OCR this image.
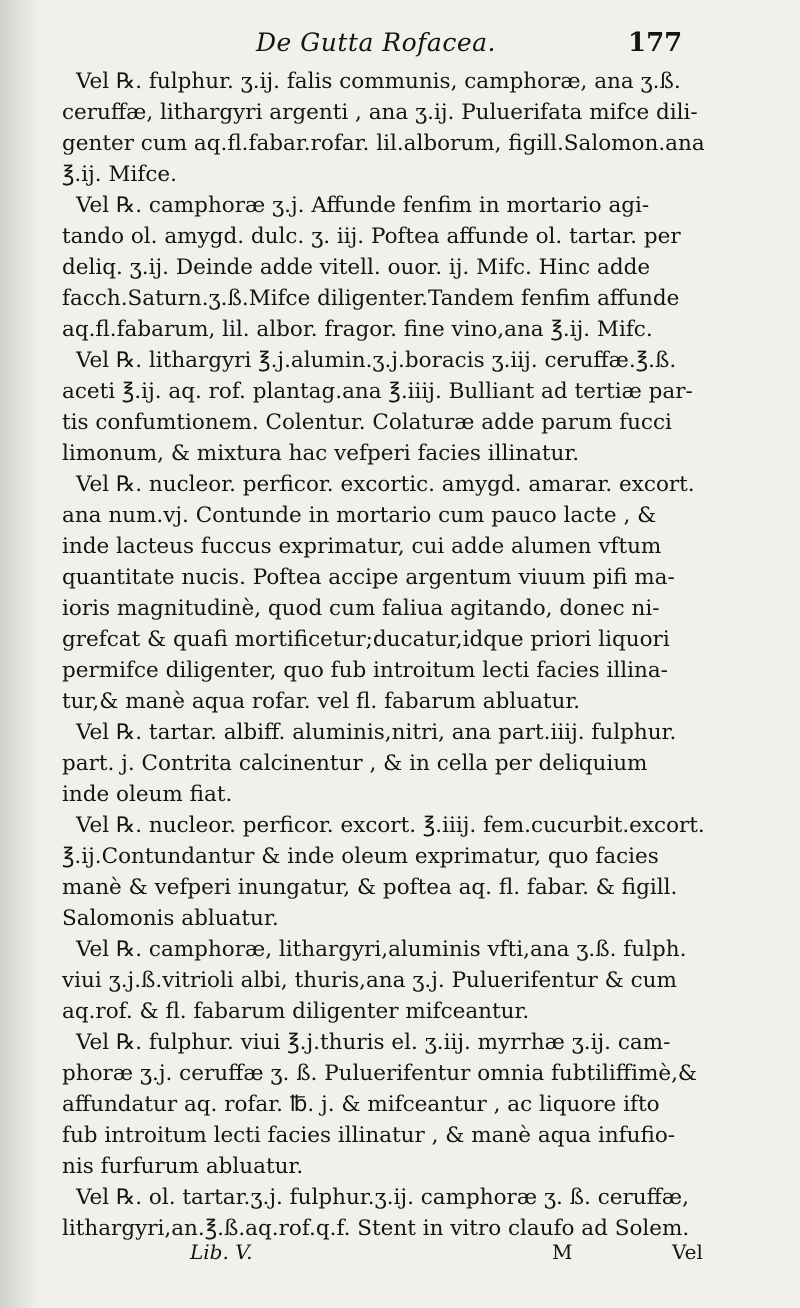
De Gutta Rofacea.	177
Vel ℞. fulphur. ʒ.ij. falis communis, camphoræ, ana ʒ.ß.
ceruffæ, lithargyri argenti , ana ʒ.ij. Puluerifata mifce dili-
genter cum aq.fl.fabar.rofar. lil.alborum, figill.Salomon.ana
℥.ij. Mifce.
Vel ℞. camphoræ ʒ.j. Affunde fenfim in mortario agi-
tando ol. amygd. dulc. ʒ. iij. Poftea affunde ol. tartar. per
deliq. ʒ.ij. Deinde adde vitell. ouor. ij. Mifc. Hinc adde
facch.Saturn.ʒ.ß.Mifce diligenter.Tandem fenfim affunde
aq.fl.fabarum, lil. albor. fragor. fine vino,ana ℥.ij. Mifc.
Vel ℞. lithargyri ℥.j.alumin.ʒ.j.boracis ʒ.iij. ceruffæ.℥.ß.
aceti ℥.ij. aq. rof. plantag.ana ℥.iiij. Bulliant ad tertiæ par-
tis confumtionem. Colentur. Colaturæ adde parum fucci
limonum, & mixtura hac vefperi facies illinatur.
Vel ℞. nucleor. perficor. excortic. amygd. amarar. excort.
ana num.vj. Contunde in mortario cum pauco lacte , &
inde lacteus fuccus exprimatur, cui adde alumen vftum
quantitate nucis. Poftea accipe argentum viuum pifi ma-
ioris magnitudinè, quod cum faliua agitando, donec ni-
grefcat & quafi mortificetur;ducatur,idque priori liquori
permifce diligenter, quo fub introitum lecti facies illina-
tur,& manè aqua rofar. vel fl. fabarum abluatur.
Vel ℞. tartar. albiff. aluminis,nitri, ana part.iiij. fulphur.
part. j. Contrita calcinentur , & in cella per deliquium
inde oleum fiat.
Vel ℞. nucleor. perficor. excort. ℥.iiij. fem.cucurbit.excort.
℥.ij.Contundantur & inde oleum exprimatur, quo facies
manè & vefperi inungatur, & poftea aq. fl. fabar. & figill.
Salomonis abluatur.
Vel ℞. camphoræ, lithargyri,aluminis vfti,ana ʒ.ß. fulph.
viui ʒ.j.ß.vitrioli albi, thuris,ana ʒ.j. Puluerifentur & cum
aq.rof. & fl. fabarum diligenter mifceantur.
Vel ℞. fulphur. viui ℥.j.thuris el. ʒ.iij. myrrhæ ʒ.ij. cam-
phoræ ʒ.j. ceruffæ ʒ. ß. Puluerifentur omnia fubtiliffimè,&
affundatur aq. rofar. ℔. j. & mifceantur , ac liquore ifto
fub introitum lecti facies illinatur , & manè aqua infufio-
nis furfurum abluatur.
Vel ℞. ol. tartar.ʒ.j. fulphur.ʒ.ij. camphoræ ʒ. ß. ceruffæ,
lithargyri,an.℥.ß.aq.rof.q.f. Stent in vitro claufo ad Solem.
Lib. V.	M	Vel
